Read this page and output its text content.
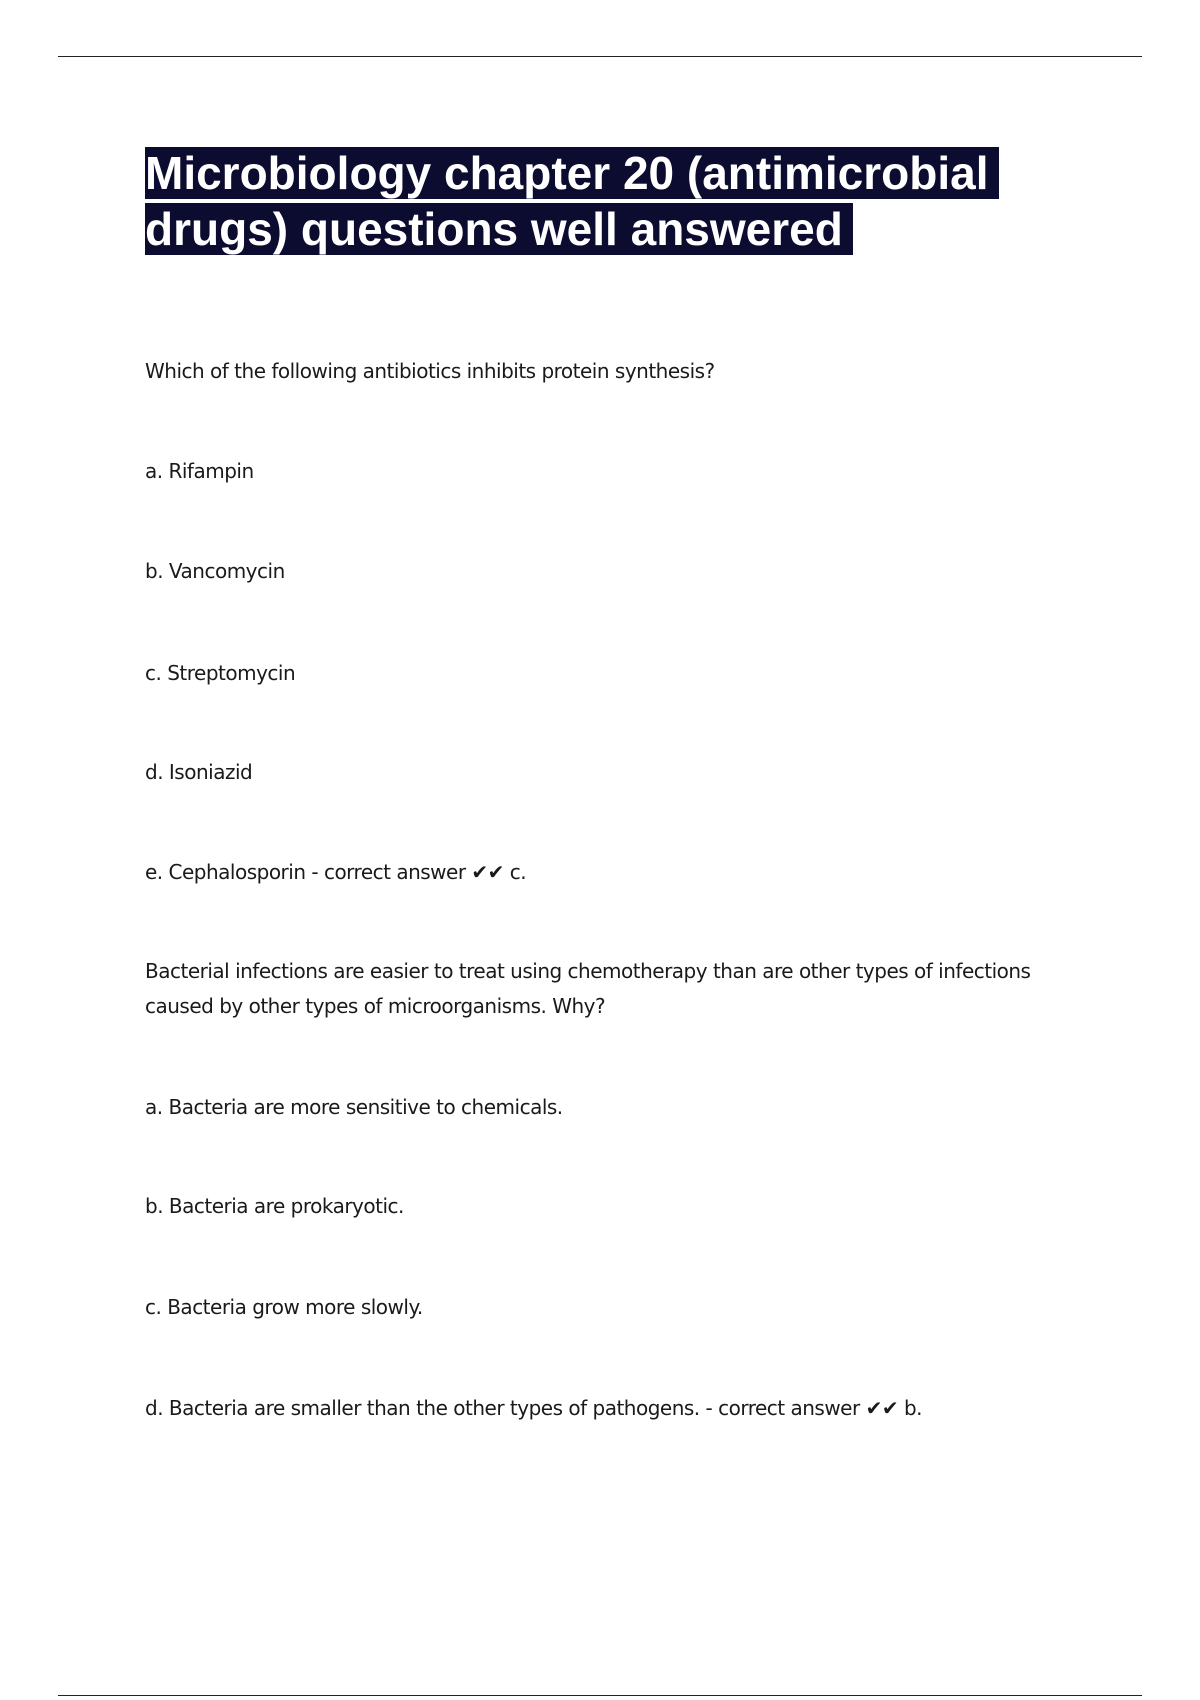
Microbiology chapter 20 (antimicrobial
drugs) questions well answered

Which of the following antibiotics inhibits protein synthesis?

a. Rifampin

b. Vancomycin

c. Streptomycin

d. Isoniazid

e. Cephalosporin - correct answer ✔✔ c.

Bacterial infections are easier to treat using chemotherapy than are other types of infections
caused by other types of microorganisms. Why?

a. Bacteria are more sensitive to chemicals.

b. Bacteria are prokaryotic.

c. Bacteria grow more slowly.

d. Bacteria are smaller than the other types of pathogens. - correct answer ✔✔ b.
